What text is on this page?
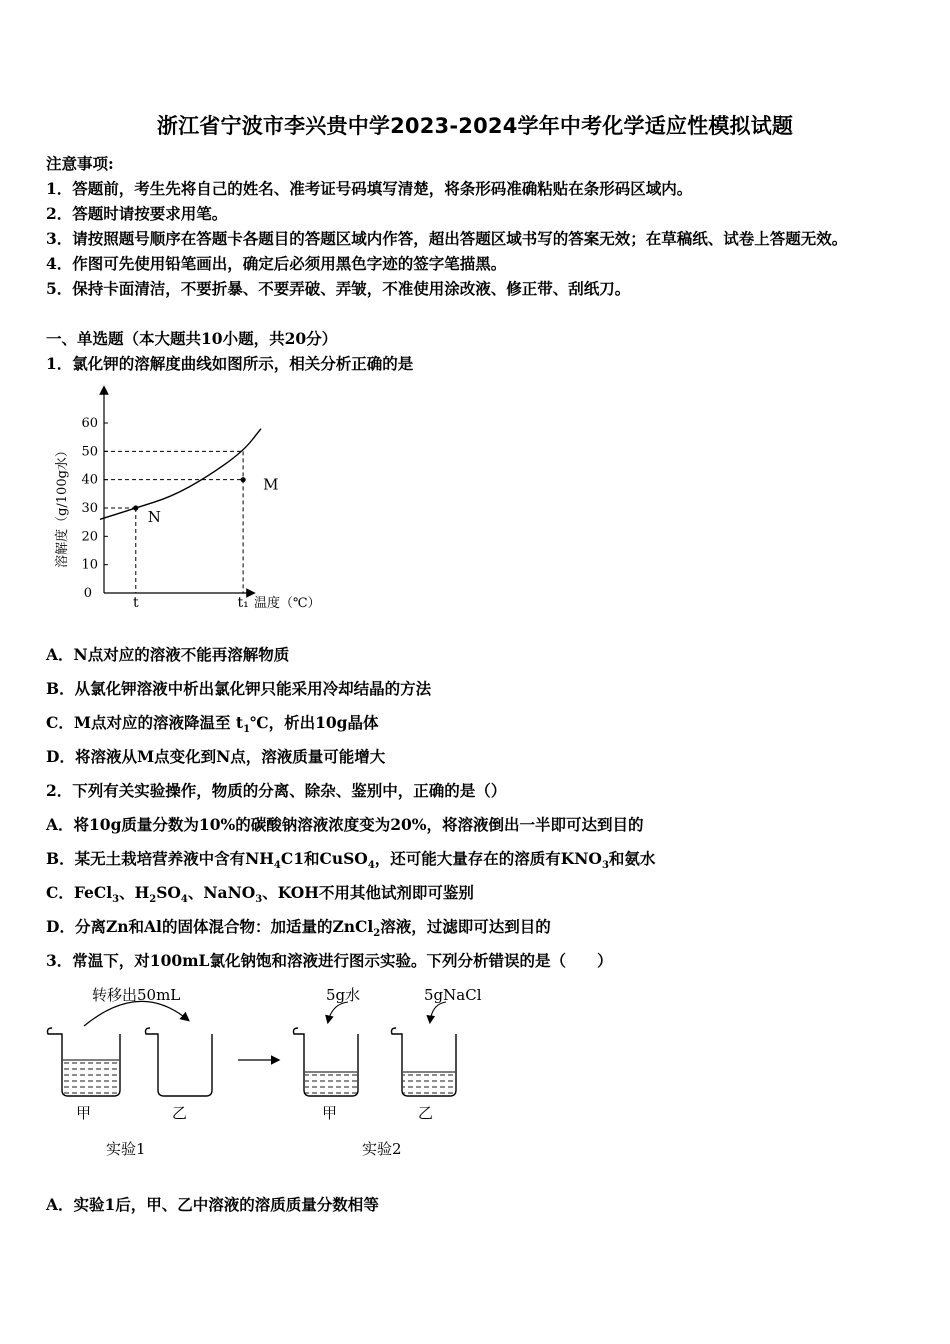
浙江省宁波市李兴贵中学2023-2024学年中考化学适应性模拟试题
注意事项:
1．答题前，考生先将自己的姓名、准考证号码填写清楚，将条形码准确粘贴在条形码区域内。
2．答题时请按要求用笔。
3．请按照题号顺序在答题卡各题目的答题区域内作答，超出答题区域书写的答案无效；在草稿纸、试卷上答题无效。
4．作图可先使用铅笔画出，确定后必须用黑色字迹的签字笔描黑。
5．保持卡面清洁，不要折暴、不要弄破、弄皱，不准使用涂改液、修正带、刮纸刀。
一、单选题（本大题共10小题，共20分）
1．氯化钾的溶解度曲线如图所示，相关分析正确的是
0
10
20
30
40
50
60
t	t₁
N
M
溶解度（g/100g水）
温度（℃）
A．N点对应的溶液不能再溶解物质
B．从氯化钾溶液中析出氯化钾只能采用冷却结晶的方法
C．M点对应的溶液降温至 $t_1℃$，析出10g晶体
D．将溶液从M点变化到N点，溶液质量可能增大
2．下列有关实验操作，物质的分离、除杂、鉴别中，正确的是（）
A．将10g质量分数为10%的碳酸钠溶液浓度变为20%，将溶液倒出一半即可达到目的
B．某无土栽培营养液中含有$NH_4C1$和CuSO$_4$，还可能大量存在的溶质有$KNO_3$和氨水
C．FeCl$_3$、$H_2SO_4$、NaNO$_3$、KOH不用其他试剂即可鉴别
D．分离Zn和Al的固体混合物：加适量的ZnCl$_2$溶液，过滤即可达到目的
3．常温下，对100mL氯化钠饱和溶液进行图示实验。下列分析错误的是（　　）
转移出50mL
甲	乙
实验1
5g水	5gNaCl
甲	乙
实验2
A．实验1后，甲、乙中溶液的溶质质量分数相等
